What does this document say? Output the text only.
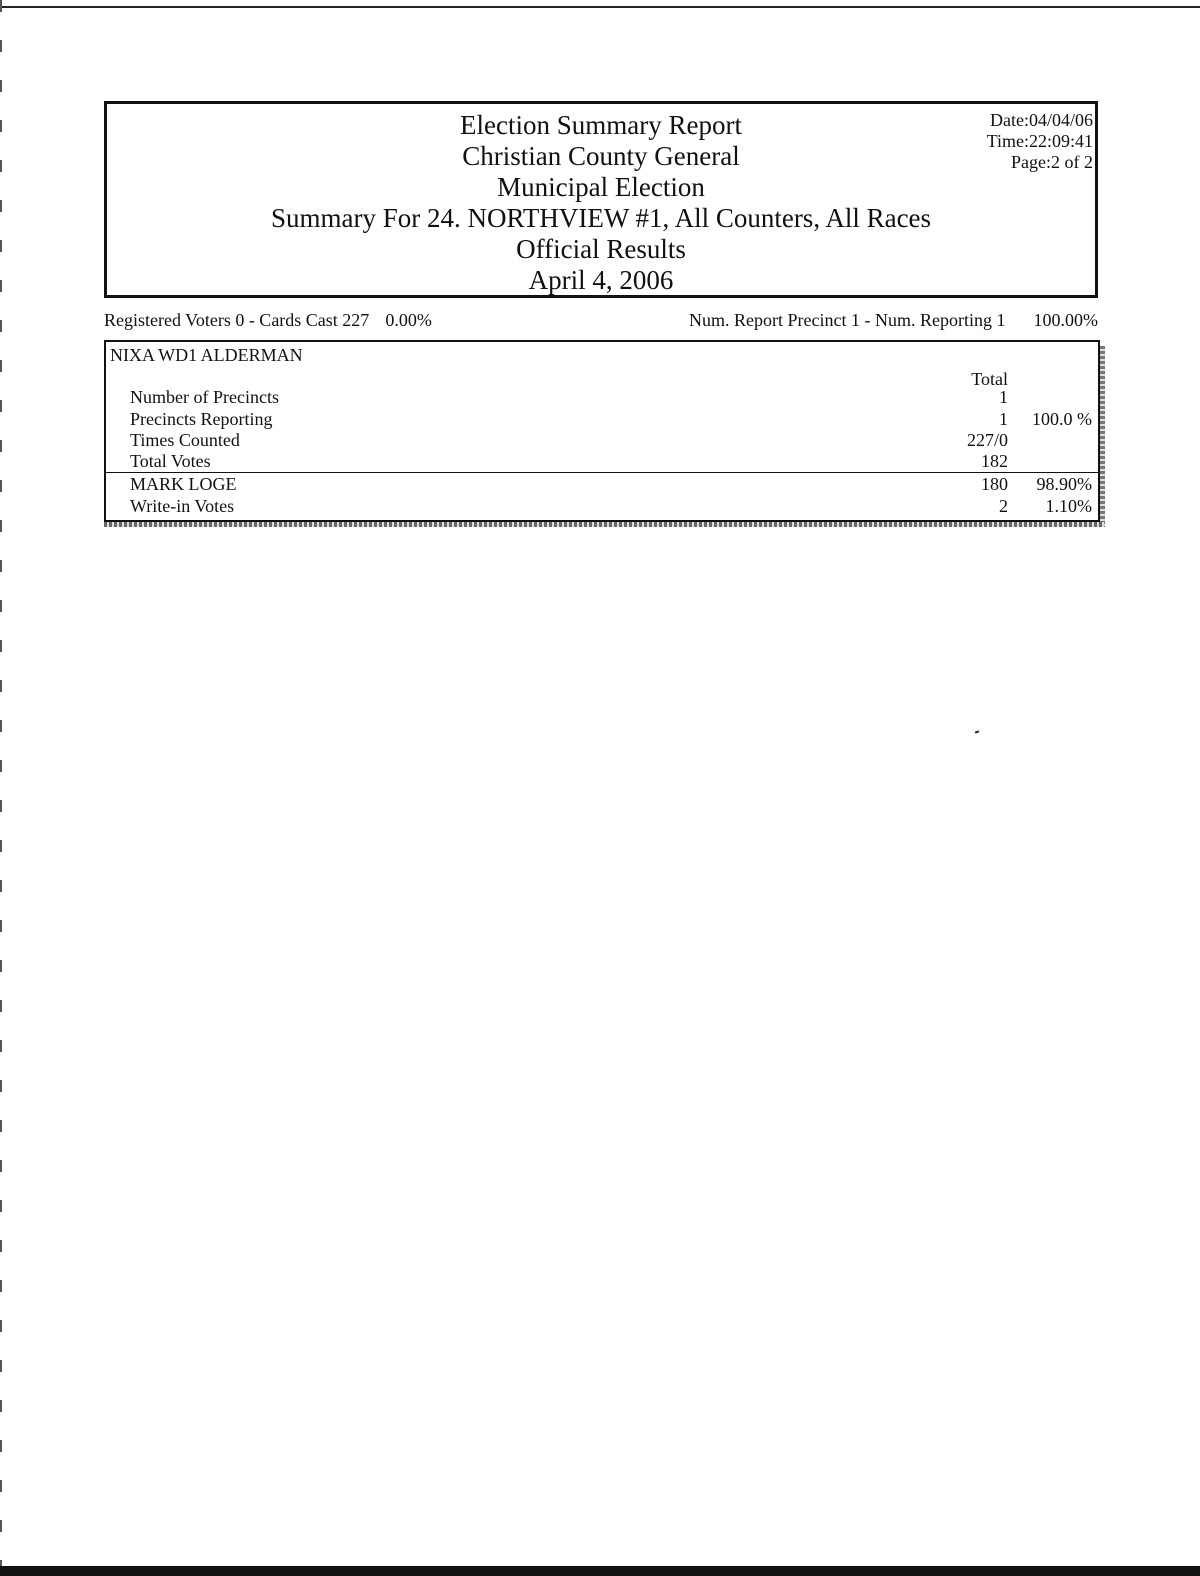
Election Summary Report
Christian County General
Municipal Election
Summary For 24. NORTHVIEW #1, All Counters, All Races
Official Results
April 4, 2006
Date:04/04/06
Time:22:09:41
Page:2 of 2
Registered Voters 0 - Cards Cast 227 0.00%	Num. Report Precinct 1 - Num. Reporting 1 100.00%
NIXA WD1 ALDERMAN
Total
Number of Precincts	1
Precincts Reporting	1 100.0 %
Times Counted	227/0
Total Votes	182
MARK LOGE	180 98.90%
Write-in Votes	2 1.10%
